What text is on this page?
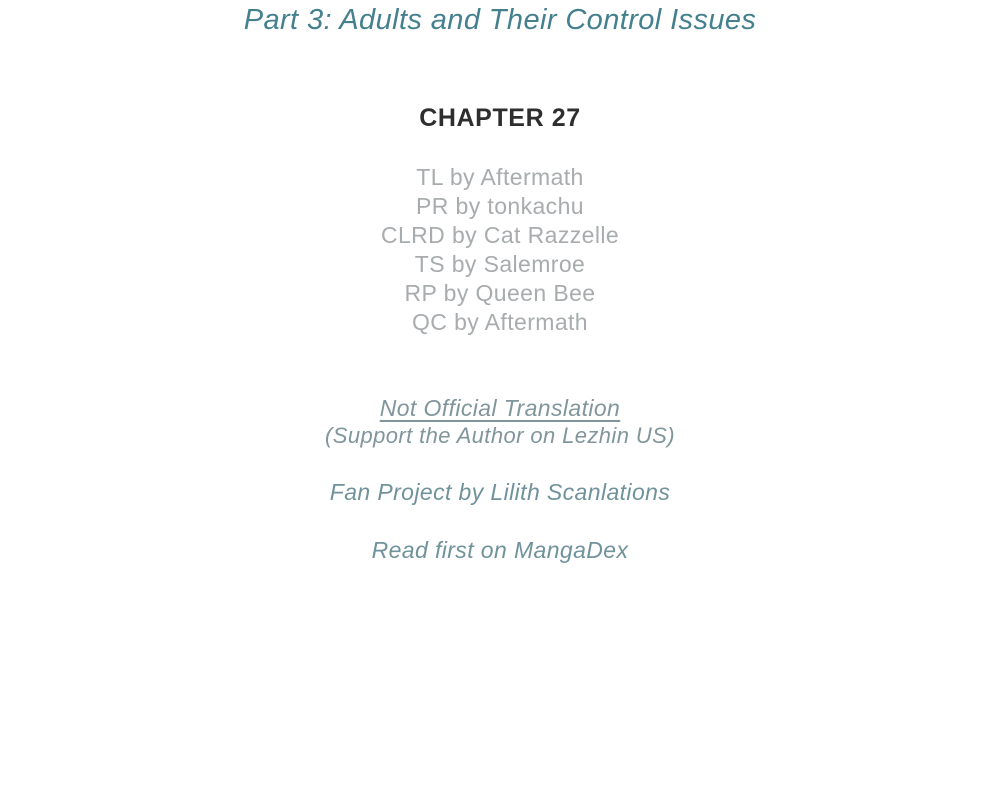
Part 3: Adults and Their Control Issues
CHAPTER 27
TL by Aftermath
PR by tonkachu
CLRD by Cat Razzelle
TS by Salemroe
RP by Queen Bee
QC by Aftermath
Not Official Translation
(Support the Author on Lezhin US)
Fan Project by Lilith Scanlations
Read first on MangaDex
